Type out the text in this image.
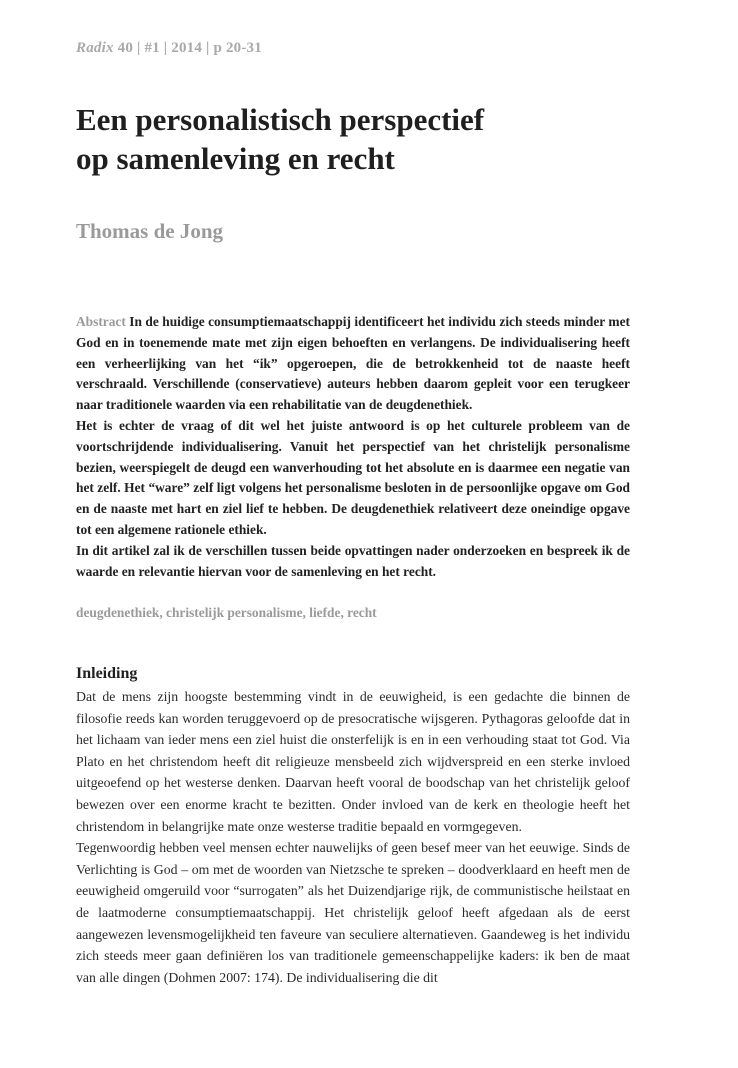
Radix 40 | #1 | 2014 | p 20-31
Een personalistisch perspectief
op samenleving en recht
Thomas de Jong

Abstract In de huidige consumptiemaatschappij identificeert het individu zich steeds minder met God en in toenemende mate met zijn eigen behoeften en verlangens. De individualisering heeft een verheerlijking van het “ik” opgeroepen, die de betrokkenheid tot de naaste heeft verschraald. Verschillende (conservatieve) auteurs hebben daarom gepleit voor een terugkeer naar traditionele waarden via een rehabilitatie van de deugdenethiek.

Het is echter de vraag of dit wel het juiste antwoord is op het culturele probleem van de voortschrijdende individualisering. Vanuit het perspectief van het christelijk personalisme bezien, weerspiegelt de deugd een wanverhouding tot het absolute en is daarmee een negatie van het zelf. Het “ware” zelf ligt volgens het personalisme besloten in de persoonlijke opgave om God en de naaste met hart en ziel lief te hebben. De deugdenethiek relativeert deze oneindige opgave tot een algemene rationele ethiek.

In dit artikel zal ik de verschillen tussen beide opvattingen nader onderzoeken en bespreek ik de waarde en relevantie hiervan voor de samenleving en het recht.

deugdenethiek, christelijk personalisme, liefde, recht
Inleiding

Dat de mens zijn hoogste bestemming vindt in de eeuwigheid, is een gedachte die binnen de filosofie reeds kan worden teruggevoerd op de presocratische wijsgeren. Pythagoras geloofde dat in het lichaam van ieder mens een ziel huist die onsterfelijk is en in een verhouding staat tot God. Via Plato en het christendom heeft dit religieuze mensbeeld zich wijdverspreid en een sterke invloed uitgeoefend op het westerse denken. Daarvan heeft vooral de boodschap van het christelijk geloof bewezen over een enorme kracht te bezitten. Onder invloed van de kerk en theologie heeft het christendom in belangrijke mate onze westerse traditie bepaald en vormgegeven.

Tegenwoordig hebben veel mensen echter nauwelijks of geen besef meer van het eeuwige. Sinds de Verlichting is God – om met de woorden van Nietzsche te spreken – doodverklaard en heeft men de eeuwigheid omgeruild voor “surrogaten” als het Duizendjarige rijk, de communistische heilstaat en de laatmoderne consumptiemaatschappij. Het christelijk geloof heeft afgedaan als de eerst aangewezen levensmogelijkheid ten faveure van seculiere alternatieven. Gaandeweg is het individu zich steeds meer gaan definiëren los van traditionele gemeenschappelijke kaders: ik ben de maat van alle dingen (Dohmen 2007: 174). De individualisering die dit
